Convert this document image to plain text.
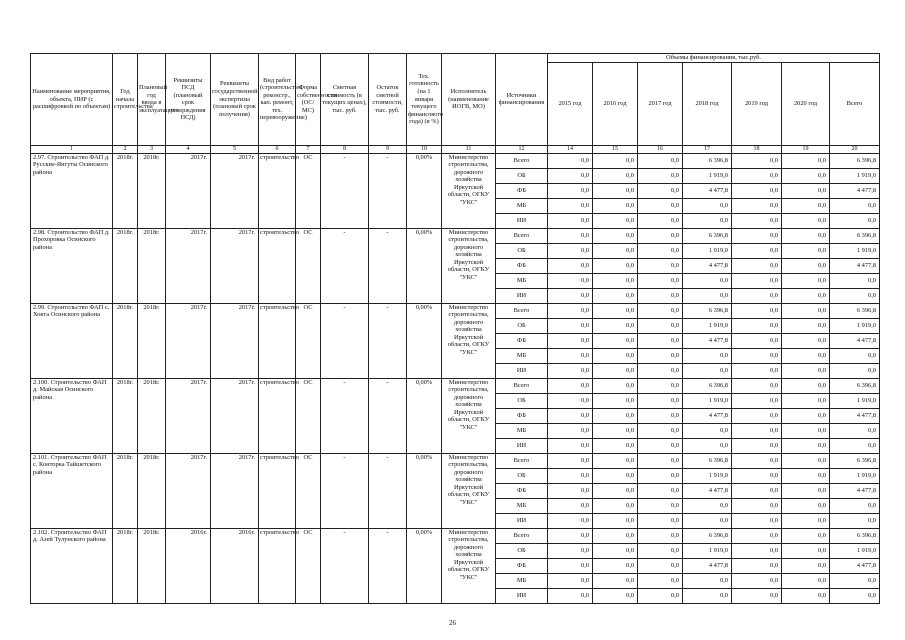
Наименование мероприятия, объекта, ПИР (с расшифровкой по объектам)	Год начала строительства	Плановый год ввода в эксплуатацию	Реквизиты ПСД (плановый срок утверждения ПСД)	Реквизиты государственной экспертизы (плановый срок получения)	Вид работ (строительство, реконстр., кап. ремонт, тех. перевооружение)	Форма собственности (ОС/МС)	Сметная стоимость (в текущих ценах), тыс. руб.	Остаток сметной стоимости, тыс. руб.	Тех. готовность (на 1 января текущего финансового года) (в %)	Исполнитель (наименование ИОГВ, МО)	Источники финансирования	Объемы финансирования, тыс.руб.						
												2015 год	2016 год	2017 год	2018 год	2019 год	2020 год	Всего
1	2	3	4	5	6	7	8	9	10	11	12	14	15	16	17	18	19	20
2.97. Строительство ФАП д. Русские-Янгуты Осинского района	2018г.	2018г.	2017г.	2017г.	строительство	ОС	-	-	0,00%	Министерство строительства, дорожного хозяйства Иркутской области, ОГКУ "УКС"	Всего	0,0	0,0	0,0	6 396,8	0,0	0,0	6 396,8
											ОБ	0,0	0,0	0,0	1 919,0	0,0	0,0	1 919,0
											ФБ	0,0	0,0	0,0	4 477,8	0,0	0,0	4 477,8
											МБ	0,0	0,0	0,0	0,0	0,0	0,0	0,0
											ИИ	0,0	0,0	0,0	0,0	0,0	0,0	0,0
2.98. Строительство ФАП д. Прохоровка Осинского района	2018г.	2018г.	2017г.	2017г.	строительство	ОС	-	-	0,00%	Министерство строительства, дорожного хозяйства Иркутской области, ОГКУ "УКС"	Всего	0,0	0,0	0,0	6 396,8	0,0	0,0	6 396,8
											ОБ	0,0	0,0	0,0	1 919,0	0,0	0,0	1 919,0
											ФБ	0,0	0,0	0,0	4 477,8	0,0	0,0	4 477,8
											МБ	0,0	0,0	0,0	0,0	0,0	0,0	0,0
											ИИ	0,0	0,0	0,0	0,0	0,0	0,0	0,0
2.99. Строительство ФАП с. Хокта Осинского района	2018г.	2018г.	2017г.	2017г.	строительство	ОС	-	-	0,00%	Министерство строительства, дорожного хозяйства Иркутской области, ОГКУ "УКС"	Всего	0,0	0,0	0,0	6 396,8	0,0	0,0	6 396,8
											ОБ	0,0	0,0	0,0	1 919,0	0,0	0,0	1 919,0
											ФБ	0,0	0,0	0,0	4 477,8	0,0	0,0	4 477,8
											МБ	0,0	0,0	0,0	0,0	0,0	0,0	0,0
											ИИ	0,0	0,0	0,0	0,0	0,0	0,0	0,0
2.100. Строительство ФАП д. Майская Осинского района	2018г.	2018г.	2017г.	2017г.	строительство	ОС	-	-	0,00%	Министерство строительства, дорожного хозяйства Иркутской области, ОГКУ "УКС"	Всего	0,0	0,0	0,0	6 396,8	0,0	0,0	6 396,8
											ОБ	0,0	0,0	0,0	1 919,0	0,0	0,0	1 919,0
											ФБ	0,0	0,0	0,0	4 477,8	0,0	0,0	4 477,8
											МБ	0,0	0,0	0,0	0,0	0,0	0,0	0,0
											ИИ	0,0	0,0	0,0	0,0	0,0	0,0	0,0
2.101. Строительство ФАП с. Конторка Тайшетского района	2018г.	2018г.	2017г.	2017г.	строительство	ОС	-	-	0,00%	Министерство строительства, дорожного хозяйства Иркутской области, ОГКУ "УКС"	Всего	0,0	0,0	0,0	6 396,8	0,0	0,0	6 396,8
											ОБ	0,0	0,0	0,0	1 919,0	0,0	0,0	1 919,0
											ФБ	0,0	0,0	0,0	4 477,8	0,0	0,0	4 477,8
											МБ	0,0	0,0	0,0	0,0	0,0	0,0	0,0
											ИИ	0,0	0,0	0,0	0,0	0,0	0,0	0,0
2.102. Строительство ФАП д. Азей Тулунского района	2018г.	2018г.	2016г.	2016г.	строительство	ОС	-	-	0,00%	Министерство строительства, дорожного хозяйства Иркутской области, ОГКУ "УКС"	Всего	0,0	0,0	0,0	6 396,8	0,0	0,0	6 396,8
											ОБ	0,0	0,0	0,0	1 919,0	0,0	0,0	1 919,0
											ФБ	0,0	0,0	0,0	4 477,8	0,0	0,0	4 477,8
											МБ	0,0	0,0	0,0	0,0	0,0	0,0	0,0
											ИИ	0,0	0,0	0,0	0,0	0,0	0,0	0,0
26
